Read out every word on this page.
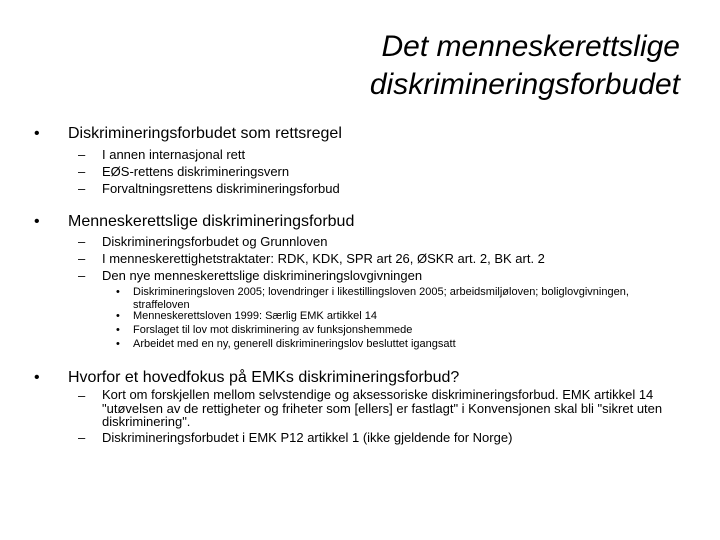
Det menneskerettslige
diskrimineringsforbudet
• Diskrimineringsforbudet som rettsregel
– I annen internasjonal rett
– EØS-rettens diskrimineringsvern
– Forvaltningsrettens diskrimineringsforbud
• Menneskerettslige diskrimineringsforbud
– Diskrimineringsforbudet og Grunnloven
– I menneskerettighetstraktater: RDK, KDK, SPR art 26, ØSKR art. 2, BK art. 2
– Den nye menneskerettslige diskrimineringslovgivningen
• Diskrimineringsloven 2005; lovendringer i likestillingsloven 2005; arbeidsmiljøloven; boliglovgivningen, straffeloven
• Menneskerettsloven 1999: Særlig EMK artikkel 14
• Forslaget til lov mot diskriminering av funksjonshemmede
• Arbeidet med en ny, generell diskrimineringslov besluttet igangsatt
• Hvorfor et hovedfokus på EMKs diskrimineringsforbud?
– Kort om forskjellen mellom selvstendige og aksessoriske diskrimineringsforbud. EMK artikkel 14 "utøvelsen av de rettigheter og friheter som [ellers] er fastlagt" i Konvensjonen skal bli "sikret uten diskriminering".
– Diskrimineringsforbudet i EMK P12 artikkel 1 (ikke gjeldende for Norge)
